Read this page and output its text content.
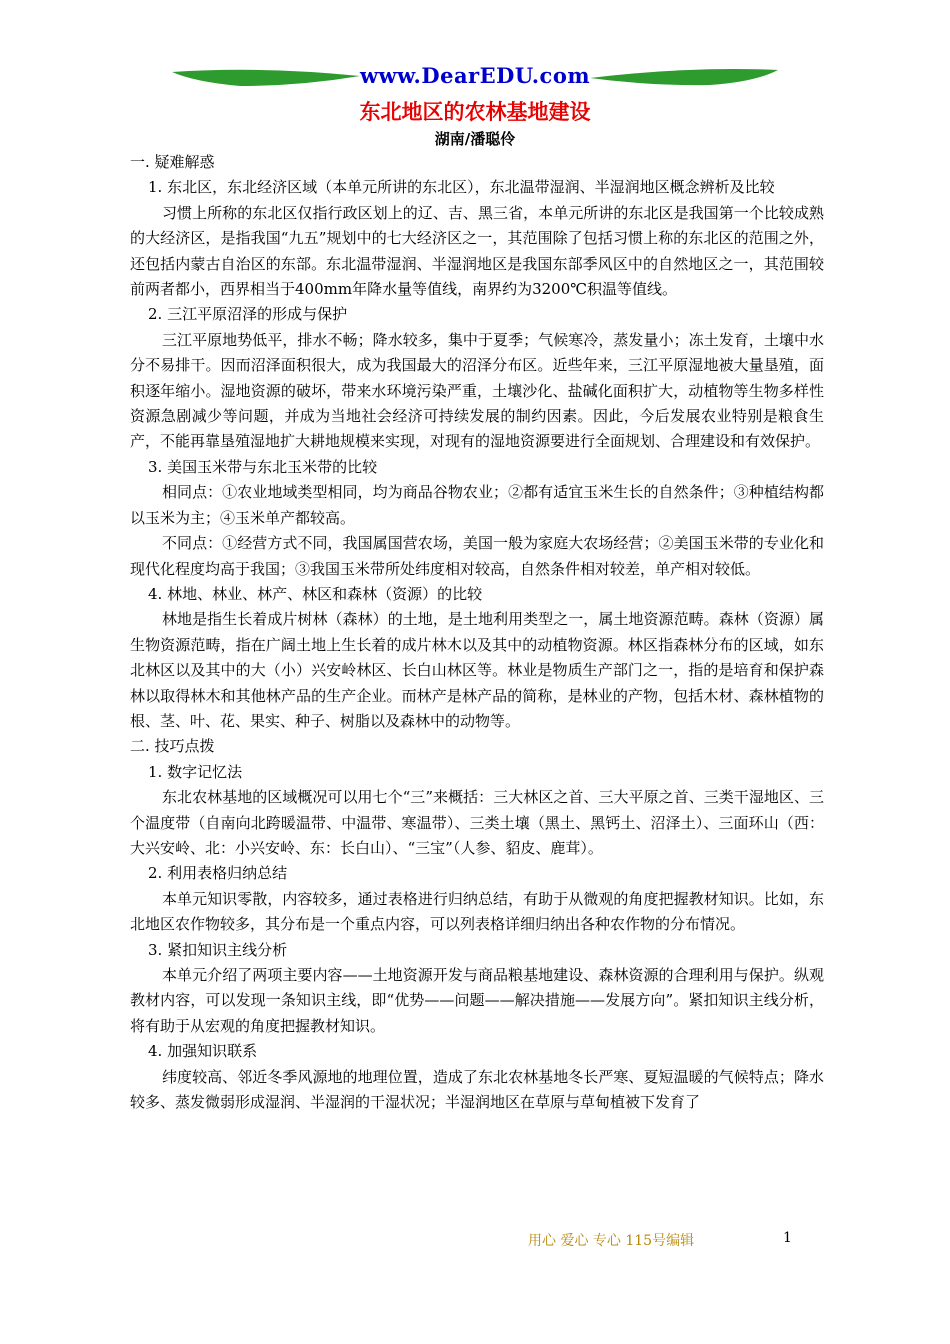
www.DearEDU.com
东北地区的农林基地建设
湖南/潘聪伶

一. 疑难解惑

1. 东北区，东北经济区域（本单元所讲的东北区），东北温带湿润、半湿润地区概念辨析及比较

习惯上所称的东北区仅指行政区划上的辽、吉、黑三省，本单元所讲的东北区是我国第一个比较成熟的大经济区，是指我国“九五”规划中的七大经济区之一，其范围除了包括习惯上称的东北区的范围之外，还包括内蒙古自治区的东部。东北温带湿润、半湿润地区是我国东部季风区中的自然地区之一，其范围较前两者都小，西界相当于400mm年降水量等值线，南界约为3200℃积温等值线。

2. 三江平原沼泽的形成与保护

三江平原地势低平，排水不畅；降水较多，集中于夏季；气候寒冷，蒸发量小；冻土发育，土壤中水分不易排干。因而沼泽面积很大，成为我国最大的沼泽分布区。近些年来，三江平原湿地被大量垦殖，面积逐年缩小。湿地资源的破坏，带来水环境污染严重，土壤沙化、盐碱化面积扩大，动植物等生物多样性资源急剧减少等问题，并成为当地社会经济可持续发展的制约因素。因此，今后发展农业特别是粮食生产，不能再靠垦殖湿地扩大耕地规模来实现，对现有的湿地资源要进行全面规划、合理建设和有效保护。

3. 美国玉米带与东北玉米带的比较

相同点：①农业地域类型相同，均为商品谷物农业；②都有适宜玉米生长的自然条件；③种植结构都以玉米为主；④玉米单产都较高。

不同点：①经营方式不同，我国属国营农场，美国一般为家庭大农场经营；②美国玉米带的专业化和现代化程度均高于我国；③我国玉米带所处纬度相对较高，自然条件相对较差，单产相对较低。

4. 林地、林业、林产、林区和森林（资源）的比较

林地是指生长着成片树林（森林）的土地，是土地利用类型之一，属土地资源范畴。森林（资源）属生物资源范畴，指在广阔土地上生长着的成片林木以及其中的动植物资源。林区指森林分布的区域，如东北林区以及其中的大（小）兴安岭林区、长白山林区等。林业是物质生产部门之一，指的是培育和保护森林以取得林木和其他林产品的生产企业。而林产是林产品的简称，是林业的产物，包括木材、森林植物的根、茎、叶、花、果实、种子、树脂以及森林中的动物等。

二. 技巧点拨

1. 数字记忆法

东北农林基地的区域概况可以用七个“三”来概括：三大林区之首、三大平原之首、三类干湿地区、三个温度带（自南向北跨暖温带、中温带、寒温带）、三类土壤（黑土、黑钙土、沼泽土）、三面环山（西：大兴安岭、北：小兴安岭、东：长白山）、“三宝”（人参、貂皮、鹿茸）。

2. 利用表格归纳总结

本单元知识零散，内容较多，通过表格进行归纳总结，有助于从微观的角度把握教材知识。比如，东北地区农作物较多，其分布是一个重点内容，可以列表格详细归纳出各种农作物的分布情况。

3. 紧扣知识主线分析

本单元介绍了两项主要内容——土地资源开发与商品粮基地建设、森林资源的合理利用与保护。纵观教材内容，可以发现一条知识主线，即“优势——问题——解决措施——发展方向”。紧扣知识主线分析，将有助于从宏观的角度把握教材知识。

4. 加强知识联系

纬度较高、邻近冬季风源地的地理位置，造成了东北农林基地冬长严寒、夏短温暖的气候特点；降水较多、蒸发微弱形成湿润、半湿润的干湿状况；半湿润地区在草原与草甸植被下发育了

用心 爱心 专心 115号编辑	1
